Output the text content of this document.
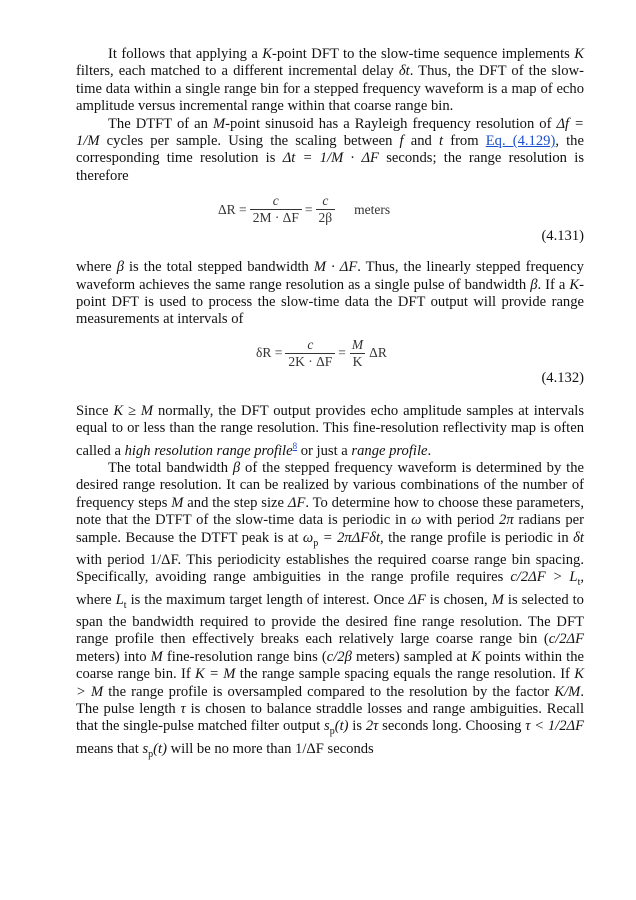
It follows that applying a K-point DFT to the slow-time sequence implements K filters, each matched to a different incremental delay δt. Thus, the DFT of the slow-time data within a single range bin for a stepped frequency waveform is a map of echo amplitude versus incremental range within that coarse range bin.

The DTFT of an M-point sinusoid has a Rayleigh frequency resolution of Δf = 1/M cycles per sample. Using the scaling between f and t from Eq. (4.129), the corresponding time resolution is Δt = 1/M · ΔF seconds; the range resolution is therefore

$\Delta R = \frac{c}{2M \cdot \Delta F} = \frac{c}{2\beta}$ meters
(4.131)

where β is the total stepped bandwidth M · ΔF. Thus, the linearly stepped frequency waveform achieves the same range resolution as a single pulse of bandwidth β. If a K-point DFT is used to process the slow-time data the DFT output will provide range measurements at intervals of

$\delta R = \frac{c}{2K \cdot \Delta F} = \frac{M}{K}$ ΔR
(4.132)

Since K ≥ M normally, the DFT output provides echo amplitude samples at intervals equal to or less than the range resolution. This fine-resolution reflectivity map is often called a high resolution range profile$^8$ or just a range profile.

The total bandwidth β of the stepped frequency waveform is determined by the desired range resolution. It can be realized by various combinations of the number of frequency steps M and the step size ΔF. To determine how to choose these parameters, note that the DTFT of the slow-time data is periodic in ω with period 2π radians per sample. Because the DTFT peak is at $\omega_p = 2\pi\Delta F\delta t$, the range profile is periodic in δt with period 1/ΔF. This periodicity establishes the required coarse range bin spacing. Specifically, avoiding range ambiguities in the range profile requires $c/2\Delta F > L_t$, where $L_t$ is the maximum target length of interest. Once ΔF is chosen, M is selected to span the bandwidth required to provide the desired fine range resolution. The DFT range profile then effectively breaks each relatively large coarse range bin (c/2ΔF meters) into M fine-resolution range bins (c/2β meters) sampled at K points within the coarse range bin. If K = M the range sample spacing equals the range resolution. If K > M the range profile is oversampled compared to the resolution by the factor K/M. The pulse length τ is chosen to balance straddle losses and range ambiguities. Recall that the single-pulse matched filter output $s_p(t)$ is 2τ seconds long. Choosing τ < 1/2ΔF means that $s_p(t)$ will be no more than 1/ΔF seconds
